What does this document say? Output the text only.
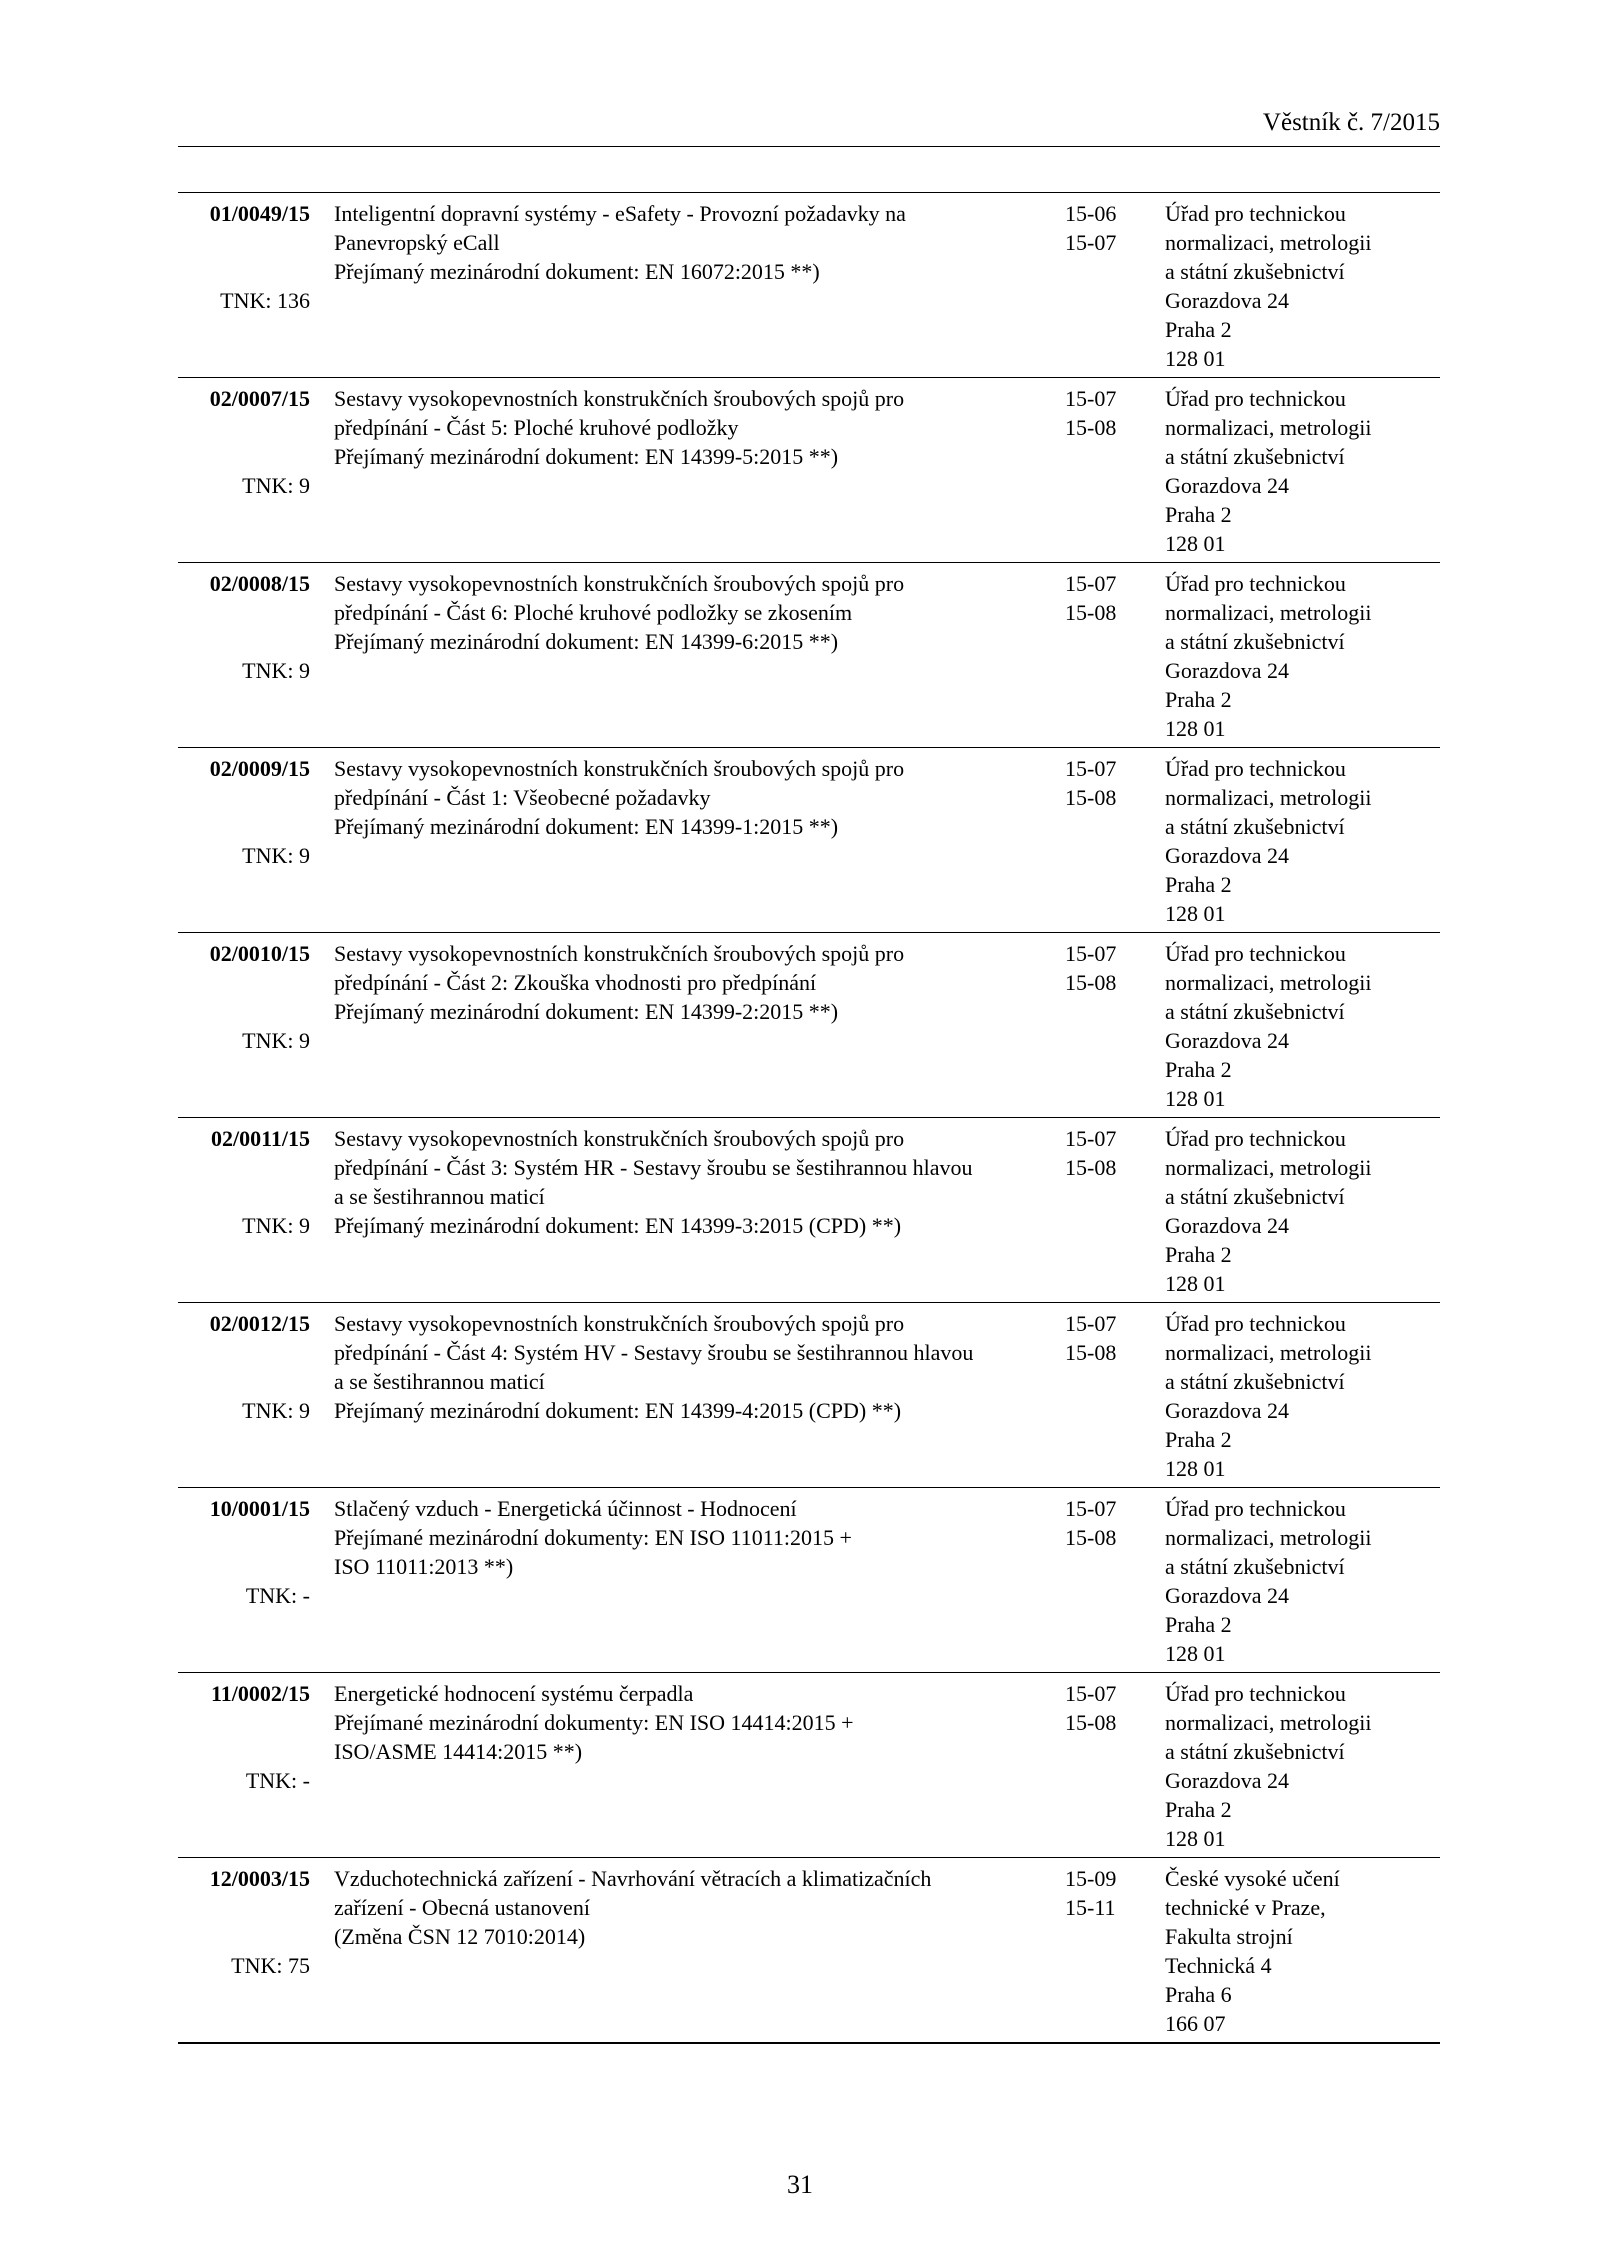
Věstník č. 7/2015
01/0049/15
TNK: 136
Inteligentní dopravní systémy - eSafety - Provozní požadavky na
Panevropský eCall
Přejímaný mezinárodní dokument: EN 16072:2015 **)
15-06
15-07
Úřad pro technickou
normalizaci, metrologii
a státní zkušebnictví
Gorazdova 24
Praha 2
128 01
02/0007/15
TNK: 9
Sestavy vysokopevnostních konstrukčních šroubových spojů pro
předpínání - Část 5: Ploché kruhové podložky
Přejímaný mezinárodní dokument: EN 14399-5:2015 **)
15-07
15-08
Úřad pro technickou
normalizaci, metrologii
a státní zkušebnictví
Gorazdova 24
Praha 2
128 01
02/0008/15
TNK: 9
Sestavy vysokopevnostních konstrukčních šroubových spojů pro
předpínání - Část 6: Ploché kruhové podložky se zkosením
Přejímaný mezinárodní dokument: EN 14399-6:2015 **)
15-07
15-08
Úřad pro technickou
normalizaci, metrologii
a státní zkušebnictví
Gorazdova 24
Praha 2
128 01
02/0009/15
TNK: 9
Sestavy vysokopevnostních konstrukčních šroubových spojů pro
předpínání - Část 1: Všeobecné požadavky
Přejímaný mezinárodní dokument: EN 14399-1:2015 **)
15-07
15-08
Úřad pro technickou
normalizaci, metrologii
a státní zkušebnictví
Gorazdova 24
Praha 2
128 01
02/0010/15
TNK: 9
Sestavy vysokopevnostních konstrukčních šroubových spojů pro
předpínání - Část 2: Zkouška vhodnosti pro předpínání
Přejímaný mezinárodní dokument: EN 14399-2:2015 **)
15-07
15-08
Úřad pro technickou
normalizaci, metrologii
a státní zkušebnictví
Gorazdova 24
Praha 2
128 01
02/0011/15
TNK: 9
Sestavy vysokopevnostních konstrukčních šroubových spojů pro
předpínání - Část 3: Systém HR - Sestavy šroubu se šestihrannou hlavou
a se šestihrannou maticí
Přejímaný mezinárodní dokument: EN 14399-3:2015 (CPD) **)
15-07
15-08
Úřad pro technickou
normalizaci, metrologii
a státní zkušebnictví
Gorazdova 24
Praha 2
128 01
02/0012/15
TNK: 9
Sestavy vysokopevnostních konstrukčních šroubových spojů pro
předpínání - Část 4: Systém HV - Sestavy šroubu se šestihrannou hlavou
a se šestihrannou maticí
Přejímaný mezinárodní dokument: EN 14399-4:2015 (CPD) **)
15-07
15-08
Úřad pro technickou
normalizaci, metrologii
a státní zkušebnictví
Gorazdova 24
Praha 2
128 01
10/0001/15
TNK: -
Stlačený vzduch - Energetická účinnost - Hodnocení
Přejímané mezinárodní dokumenty: EN ISO 11011:2015 +
ISO 11011:2013 **)
15-07
15-08
Úřad pro technickou
normalizaci, metrologii
a státní zkušebnictví
Gorazdova 24
Praha 2
128 01
11/0002/15
TNK: -
Energetické hodnocení systému čerpadla
Přejímané mezinárodní dokumenty: EN ISO 14414:2015 +
ISO/ASME 14414:2015 **)
15-07
15-08
Úřad pro technickou
normalizaci, metrologii
a státní zkušebnictví
Gorazdova 24
Praha 2
128 01
12/0003/15
TNK: 75
Vzduchotechnická zařízení - Navrhování větracích a klimatizačních
zařízení - Obecná ustanovení
(Změna ČSN 12 7010:2014)
15-09
15-11
České vysoké učení
technické v Praze,
Fakulta strojní
Technická 4
Praha 6
166 07
31
